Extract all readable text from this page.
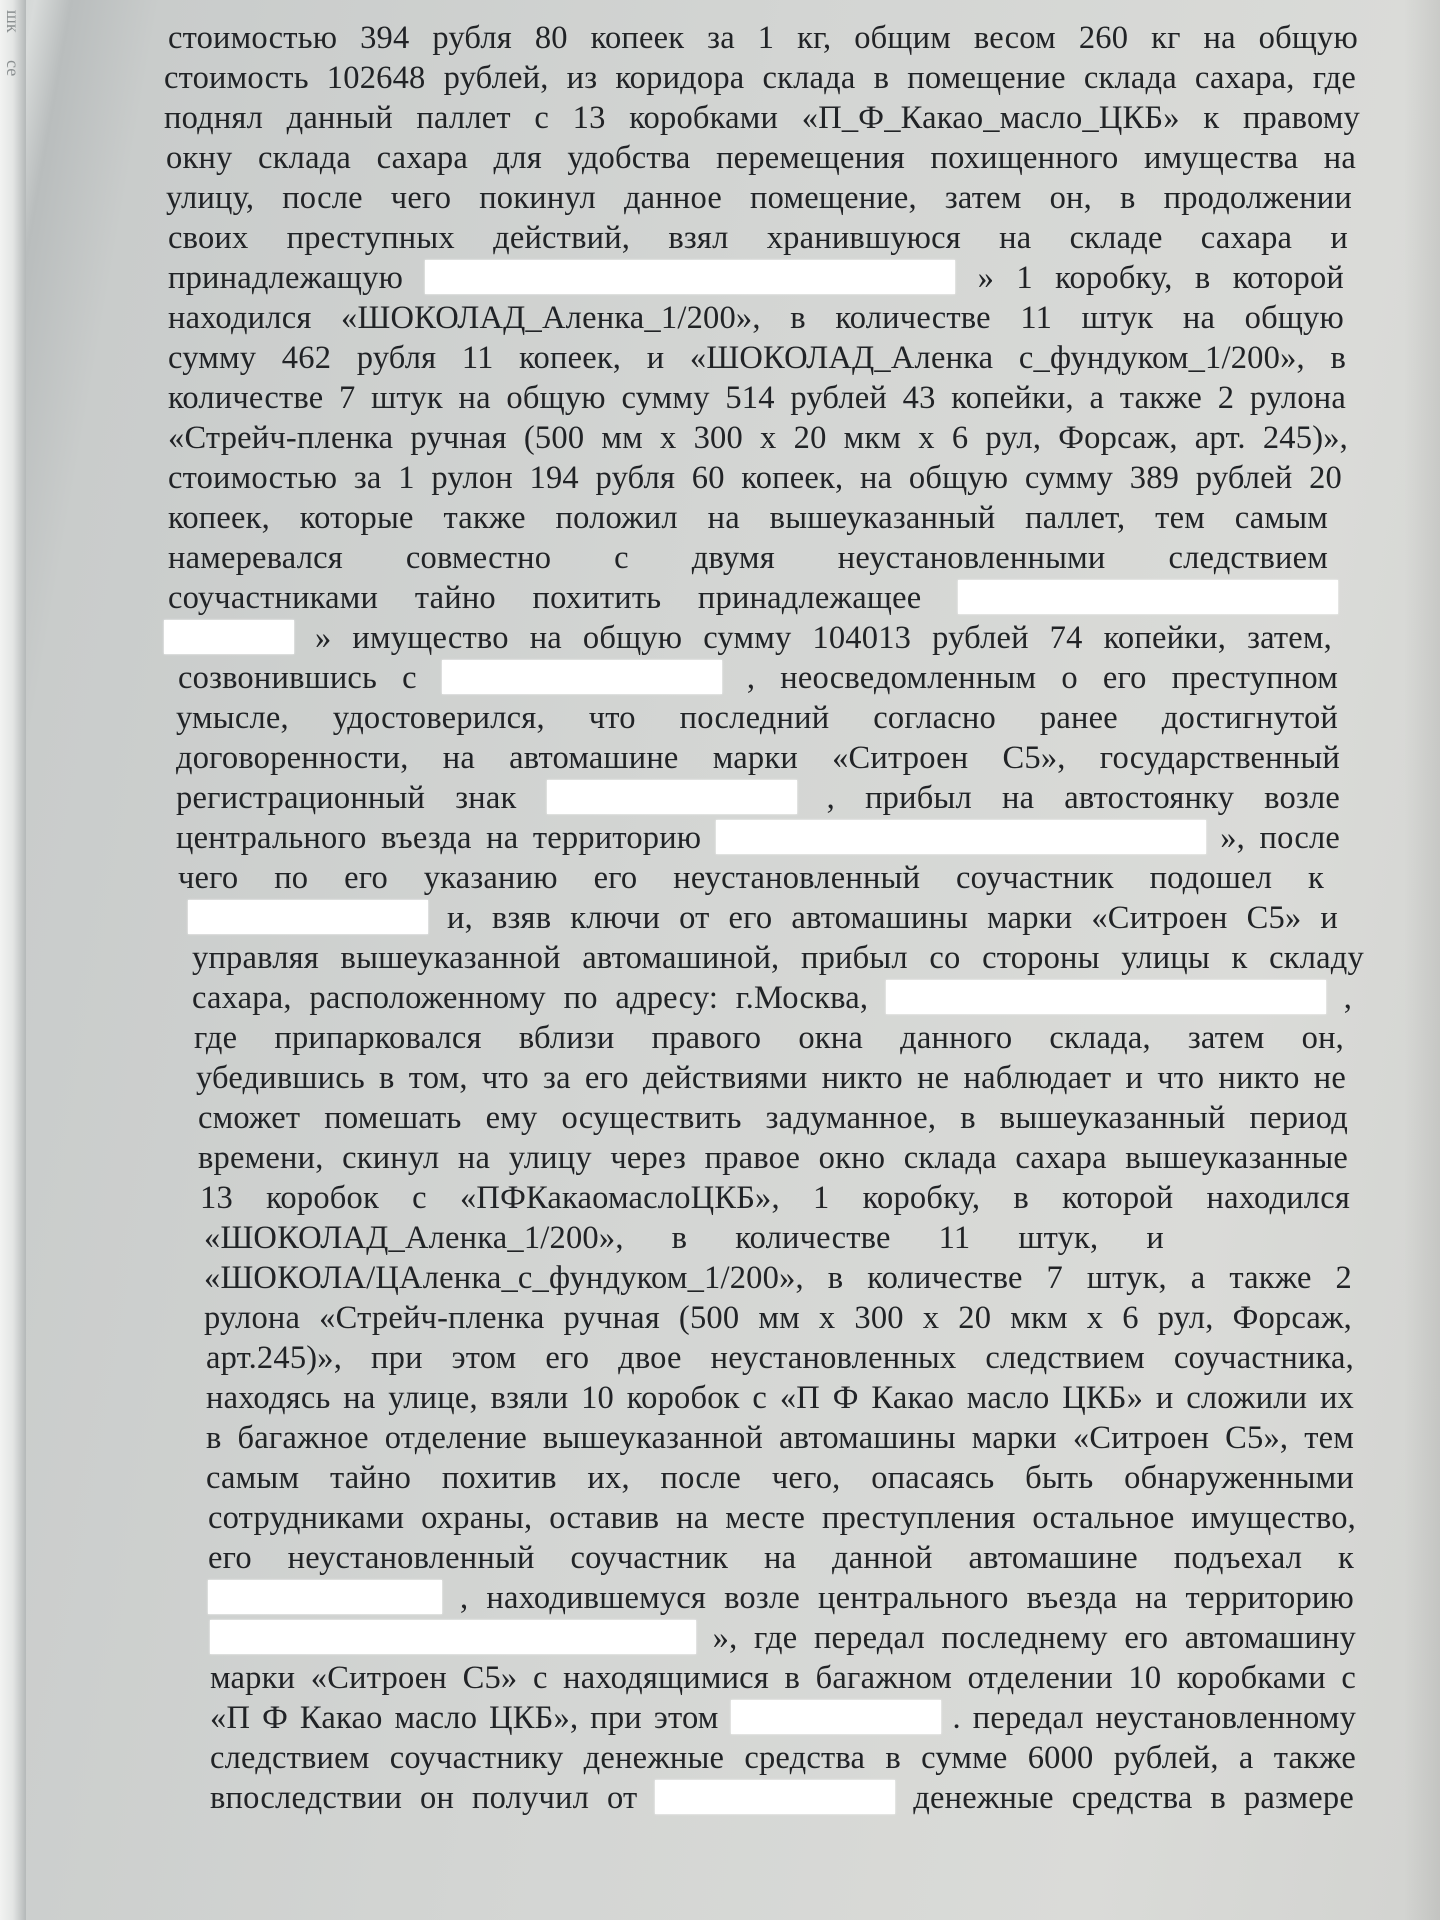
шк
се
стоимостью 394 рубля 80 копеек за 1 кг, общим весом 260 кг на общую
стоимость 102648 рублей, из коридора склада в помещение склада сахара, где
поднял данный паллет с 13 коробками «П_Ф_Какао_масло_ЦКБ» к правому
окну склада сахара для удобства перемещения похищенного имущества на
улицу, после чего покинул данное помещение, затем он, в продолжении
своих преступных действий, взял хранившуюся на складе сахара и
принадлежащую	» 1 коробку, в которой
находился «ШОКОЛАД_Аленка_1/200», в количестве 11 штук на общую
сумму 462 рубля 11 копеек, и «ШОКОЛАД_Аленка с_фундуком_1/200», в
количестве 7 штук на общую сумму 514 рублей 43 копейки, а также 2 рулона
«Стрейч-пленка ручная (500 мм х 300 х 20 мкм х 6 рул, Форсаж, арт. 245)»,
стоимостью за 1 рулон 194 рубля 60 копеек, на общую сумму 389 рублей 20
копеек, которые также положил на вышеуказанный паллет, тем самым
намеревался совместно с двумя неустановленными следствием
соучастниками тайно похитить принадлежащее
» имущество на общую сумму 104013 рублей 74 копейки, затем,
созвонившись с	, неосведомленным о его преступном
умысле, удостоверился, что последний согласно ранее достигнутой
договоренности, на автомашине марки «Ситроен С5», государственный
регистрационный знак	, прибыл на автостоянку возле
центрального въезда на территорию	», после
чего по его указанию его неустановленный соучастник подошел к
и, взяв ключи от его автомашины марки «Ситроен С5» и
управляя вышеуказанной автомашиной, прибыл со стороны улицы к складу
сахара, расположенному по адресу: г.Москва,	,
где припарковался вблизи правого окна данного склада, затем он,
убедившись в том, что за его действиями никто не наблюдает и что никто не
сможет помешать ему осуществить задуманное, в вышеуказанный период
времени, скинул на улицу через правое окно склада сахара вышеуказанные
13 коробок с «ПФКакаомаслоЦКБ», 1 коробку, в которой находился
«ШОКОЛАД_Аленка_1/200», в количестве 11 штук, и
«ШОКОЛА/ЦАленка_с_фундуком_1/200», в количестве 7 штук, а также 2
рулона «Стрейч-пленка ручная (500 мм х 300 х 20 мкм х 6 рул, Форсаж,
арт.245)», при этом его двое неустановленных следствием соучастника,
находясь на улице, взяли 10 коробок с «П Ф Какао масло ЦКБ» и сложили их
в багажное отделение вышеуказанной автомашины марки «Ситроен С5», тем
самым тайно похитив их, после чего, опасаясь быть обнаруженными
сотрудниками охраны, оставив на месте преступления остальное имущество,
его неустановленный соучастник на данной автомашине подъехал к
, находившемуся возле центрального въезда на территорию
», где передал последнему его автомашину
марки «Ситроен С5» с находящимися в багажном отделении 10 коробками с
«П Ф Какао масло ЦКБ», при этом	. передал неустановленному
следствием соучастнику денежные средства в сумме 6000 рублей, а также
впоследствии он получил от	денежные средства в размере
